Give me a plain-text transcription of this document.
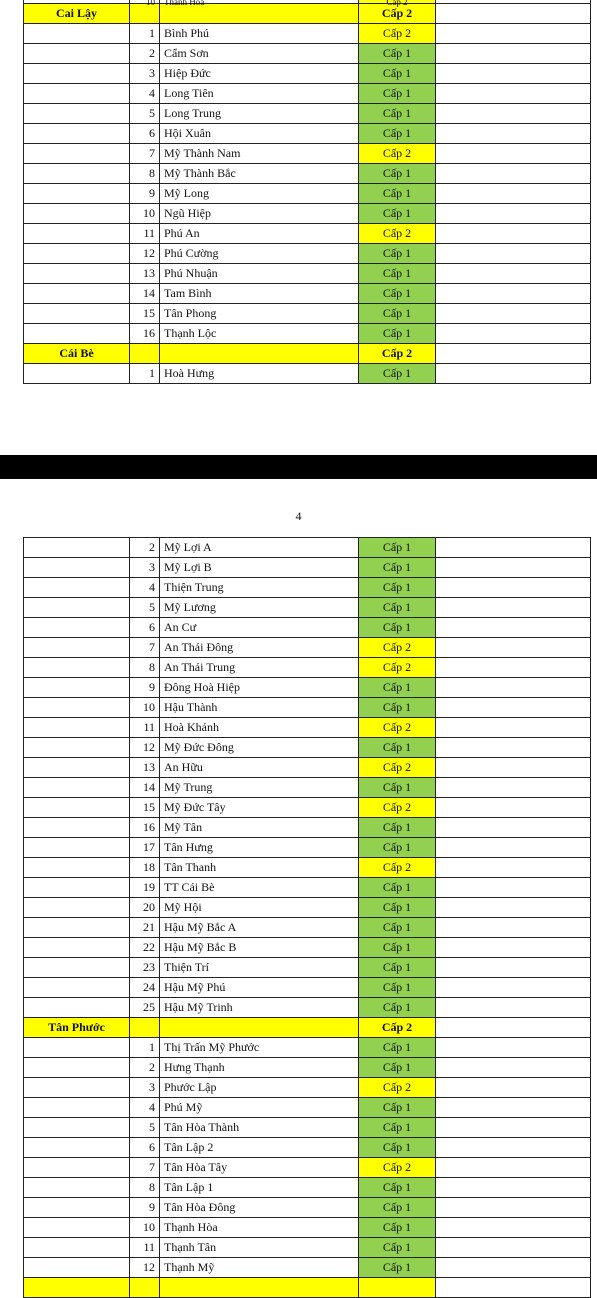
Cai Lậy			Cấp 2	
	1	Bình Phú	Cấp 2	
	2	Cẩm Sơn	Cấp 1	
	3	Hiệp Đức	Cấp 1	
	4	Long Tiên	Cấp 1	
	5	Long Trung	Cấp 1	
	6	Hội Xuân	Cấp 1	
	7	Mỹ Thành Nam	Cấp 2	
	8	Mỹ Thành Bắc	Cấp 1	
	9	Mỹ Long	Cấp 1	
	10	Ngũ Hiệp	Cấp 1	
	11	Phú An	Cấp 2	
	12	Phú Cường	Cấp 1	
	13	Phú Nhuận	Cấp 1	
	14	Tam Bình	Cấp 1	
	15	Tân Phong	Cấp 1	
	16	Thạnh Lộc	Cấp 1	
Cái Bè			Cấp 2	
	1	Hoà Hưng	Cấp 1	
4
	2	Mỹ Lợi A	Cấp 1	
	3	Mỹ Lợi B	Cấp 1	
	4	Thiện Trung	Cấp 1	
	5	Mỹ Lương	Cấp 1	
	6	An Cư	Cấp 1	
	7	An Thái Đông	Cấp 2	
	8	An Thái Trung	Cấp 2	
	9	Đông Hoà Hiệp	Cấp 1	
	10	Hậu Thành	Cấp 1	
	11	Hoà Khánh	Cấp 2	
	12	Mỹ Đức Đông	Cấp 1	
	13	An Hữu	Cấp 2	
	14	Mỹ Trung	Cấp 1	
	15	Mỹ Đức Tây	Cấp 2	
	16	Mỹ Tân	Cấp 1	
	17	Tân Hưng	Cấp 1	
	18	Tân Thanh	Cấp 2	
	19	TT Cái Bè	Cấp 1	
	20	Mỹ Hội	Cấp 1	
	21	Hậu Mỹ Bắc A	Cấp 1	
	22	Hậu Mỹ Bắc B	Cấp 1	
	23	Thiện Trí	Cấp 1	
	24	Hậu Mỹ Phú	Cấp 1	
	25	Hậu Mỹ Trinh	Cấp 1	
Tân Phước			Cấp 2	
	1	Thị Trấn Mỹ Phước	Cấp 1	
	2	Hưng Thạnh	Cấp 1	
	3	Phước Lập	Cấp 2	
	4	Phú Mỹ	Cấp 1	
	5	Tân Hòa Thành	Cấp 1	
	6	Tân Lập 2	Cấp 1	
	7	Tân Hòa Tây	Cấp 2	
	8	Tân Lập 1	Cấp 1	
	9	Tân Hòa Đông	Cấp 1	
	10	Thạnh Hòa	Cấp 1	
	11	Thạnh Tân	Cấp 1	
	12	Thạnh Mỹ	Cấp 1	
